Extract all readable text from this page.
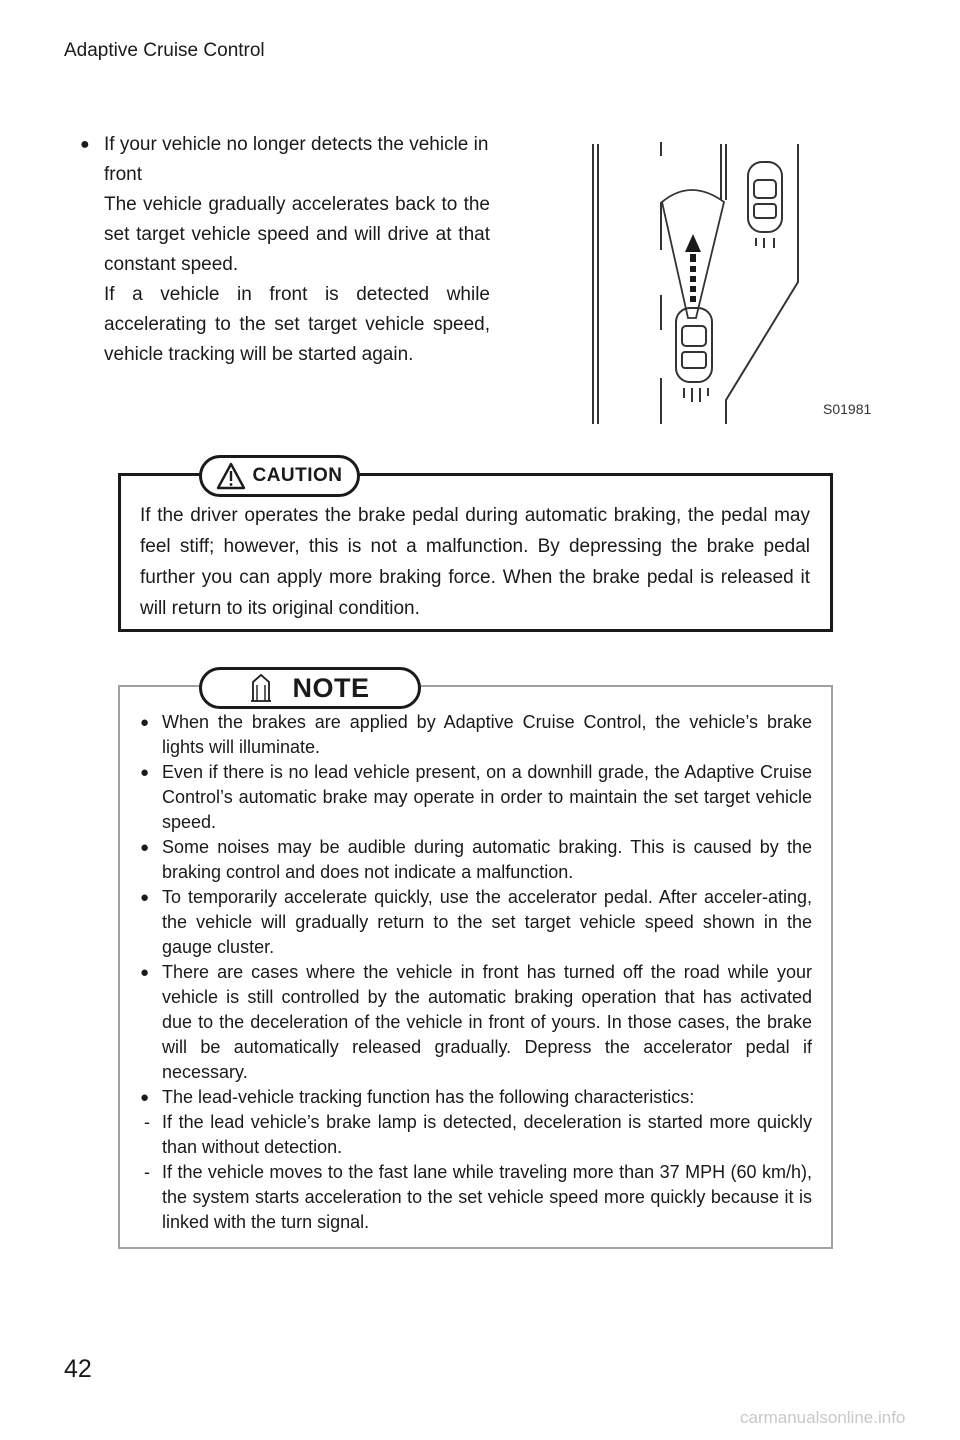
Adaptive Cruise Control
● If your vehicle no longer detects the vehicle in front

The vehicle gradually accelerates back to the set target vehicle speed and will drive at that constant speed.

If a vehicle in front is detected while accelerating to the set target vehicle speed, vehicle tracking will be started again.

S01981
CAUTION
If the driver operates the brake pedal during automatic braking, the pedal may feel stiff; however, this is not a malfunction. By depressing the brake pedal further you can apply more braking force. When the brake pedal is released it will return to its original condition.
NOTE
● When the brakes are applied by Adaptive Cruise Control, the vehicle’s brake lights will illuminate.
● Even if there is no lead vehicle present, on a downhill grade, the Adaptive Cruise Control’s automatic brake may operate in order to maintain the set target vehicle speed.
● Some noises may be audible during automatic braking. This is caused by the braking control and does not indicate a malfunction.
● To temporarily accelerate quickly, use the accelerator pedal. After acceler-ating, the vehicle will gradually return to the set target vehicle speed shown in the gauge cluster.
● There are cases where the vehicle in front has turned off the road while your vehicle is still controlled by the automatic braking operation that has activated due to the deceleration of the vehicle in front of yours. In those cases, the brake will be automatically released gradually. Depress the accelerator pedal if necessary.
● The lead-vehicle tracking function has the following characteristics:
- If the lead vehicle’s brake lamp is detected, deceleration is started more quickly than without detection.
- If the vehicle moves to the fast lane while traveling more than 37 MPH (60 km/h), the system starts acceleration to the set vehicle speed more quickly because it is linked with the turn signal.
42
carmanualsonline.info
